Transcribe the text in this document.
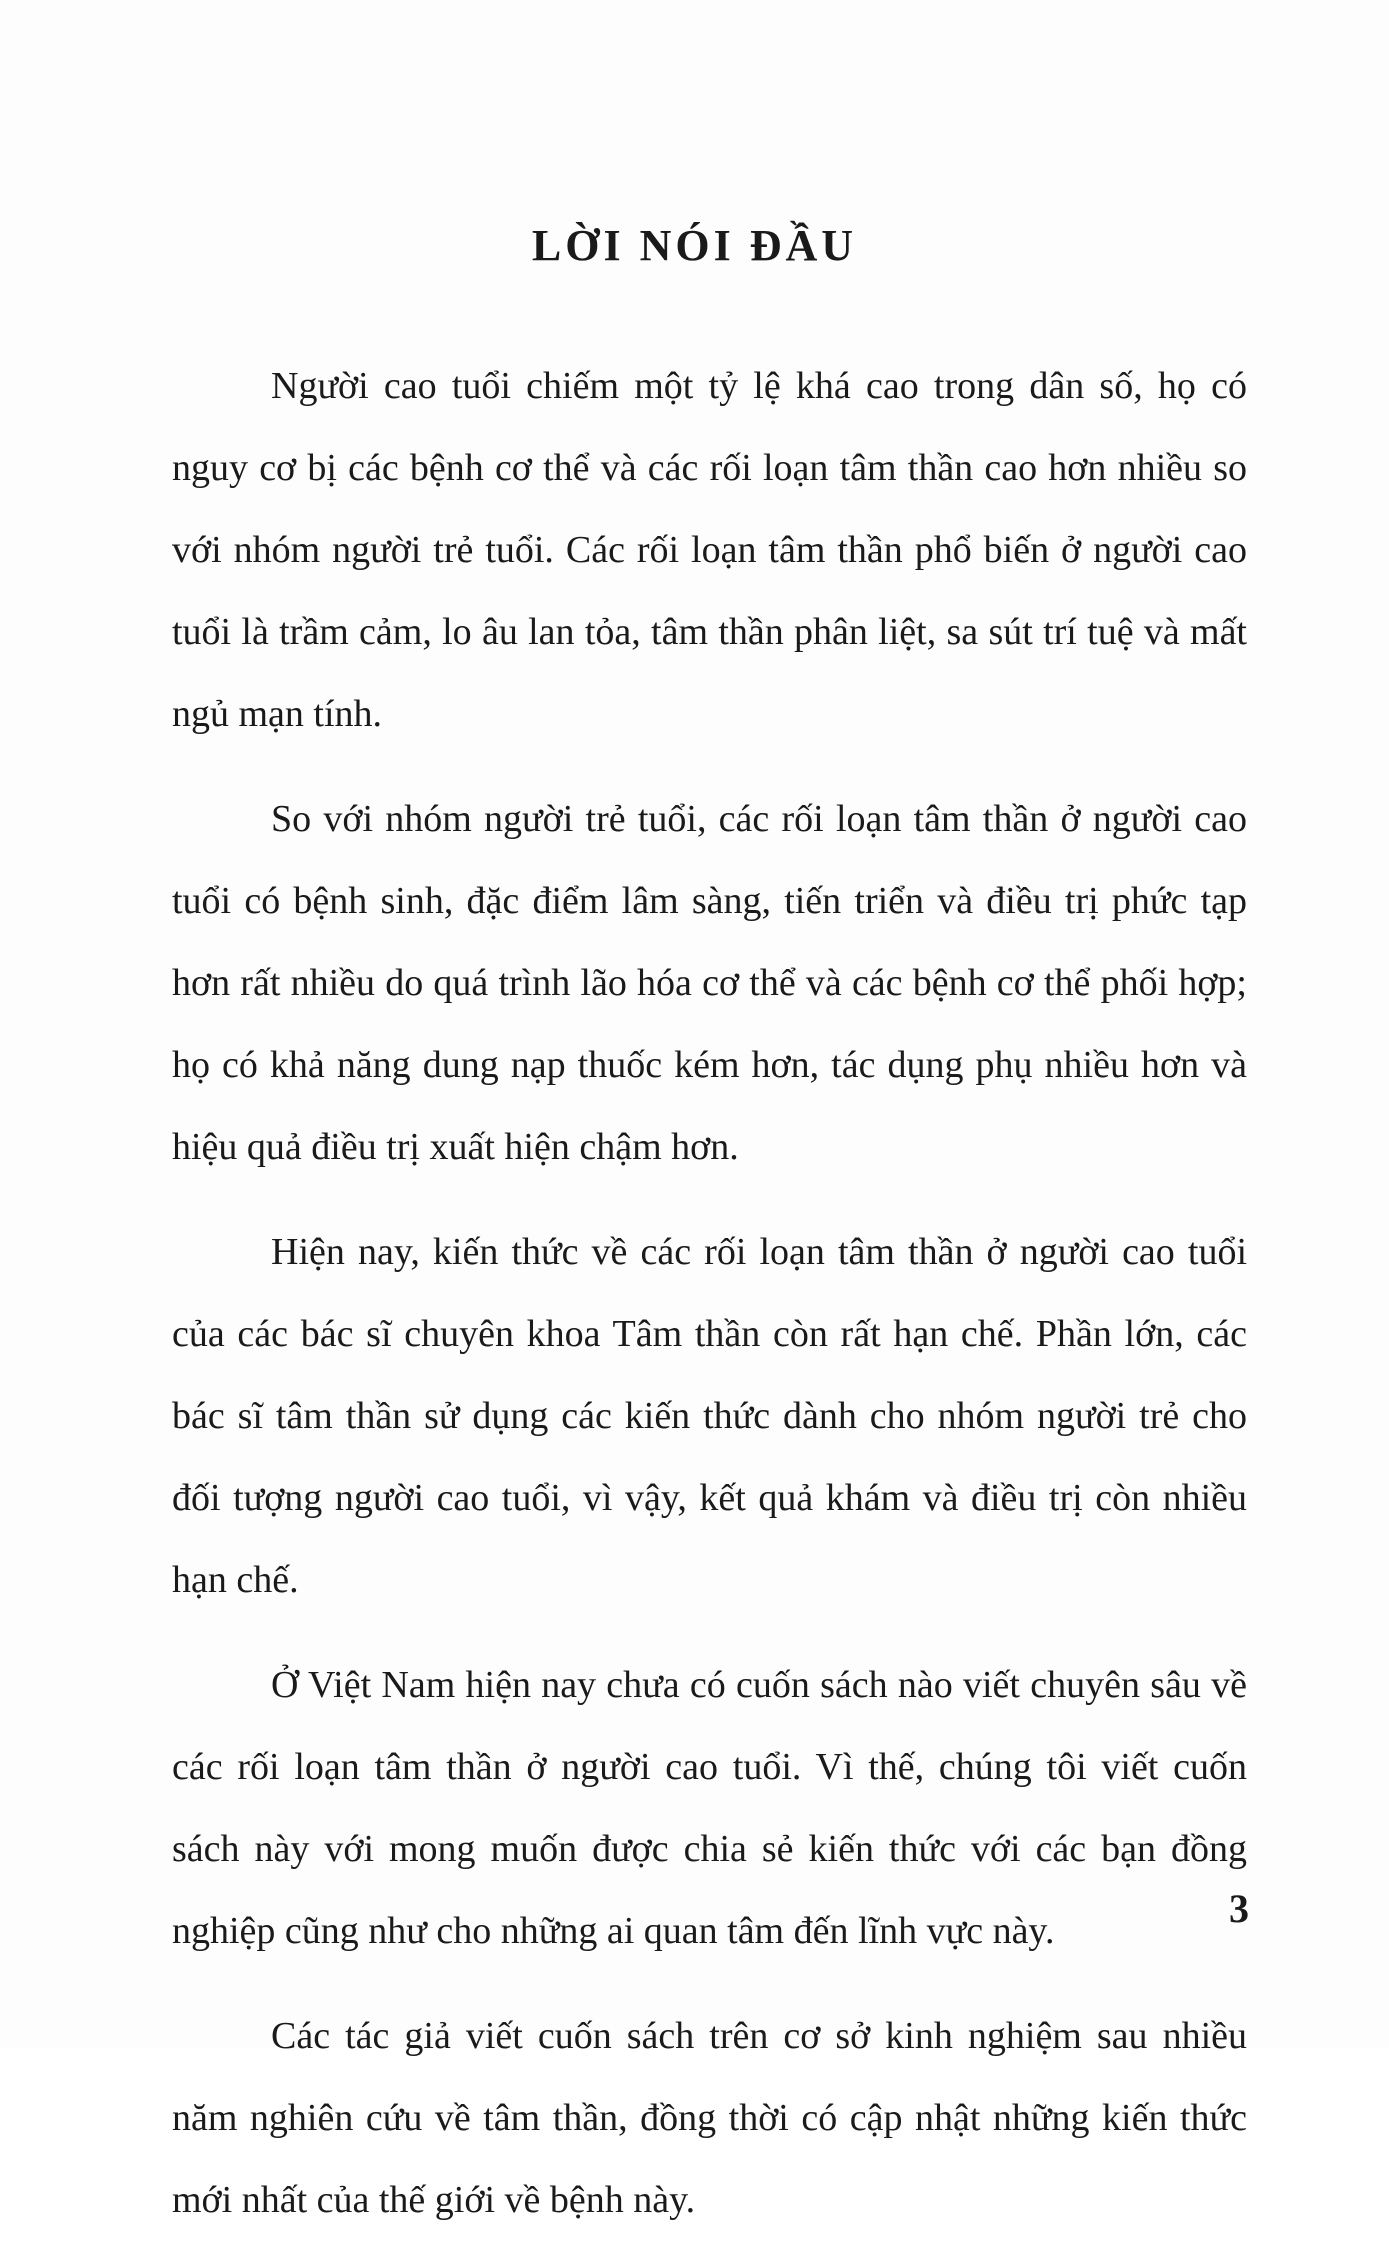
LỜI NÓI ĐẦU

Người cao tuổi chiếm một tỷ lệ khá cao trong dân số, họ có nguy cơ bị các bệnh cơ thể và các rối loạn tâm thần cao hơn nhiều so với nhóm người trẻ tuổi. Các rối loạn tâm thần phổ biến ở người cao tuổi là trầm cảm, lo âu lan tỏa, tâm thần phân liệt, sa sút trí tuệ và mất ngủ mạn tính.

So với nhóm người trẻ tuổi, các rối loạn tâm thần ở người cao tuổi có bệnh sinh, đặc điểm lâm sàng, tiến triển và điều trị phức tạp hơn rất nhiều do quá trình lão hóa cơ thể và các bệnh cơ thể phối hợp; họ có khả năng dung nạp thuốc kém hơn, tác dụng phụ nhiều hơn và hiệu quả điều trị xuất hiện chậm hơn.

Hiện nay, kiến thức về các rối loạn tâm thần ở người cao tuổi của các bác sĩ chuyên khoa Tâm thần còn rất hạn chế. Phần lớn, các bác sĩ tâm thần sử dụng các kiến thức dành cho nhóm người trẻ cho đối tượng người cao tuổi, vì vậy, kết quả khám và điều trị còn nhiều hạn chế.

Ở Việt Nam hiện nay chưa có cuốn sách nào viết chuyên sâu về các rối loạn tâm thần ở người cao tuổi. Vì thế, chúng tôi viết cuốn sách này với mong muốn được chia sẻ kiến thức với các bạn đồng nghiệp cũng như cho những ai quan tâm đến lĩnh vực này.

Các tác giả viết cuốn sách trên cơ sở kinh nghiệm sau nhiều năm nghiên cứu về tâm thần, đồng thời có cập nhật những kiến thức mới nhất của thế giới về bệnh này.

3
